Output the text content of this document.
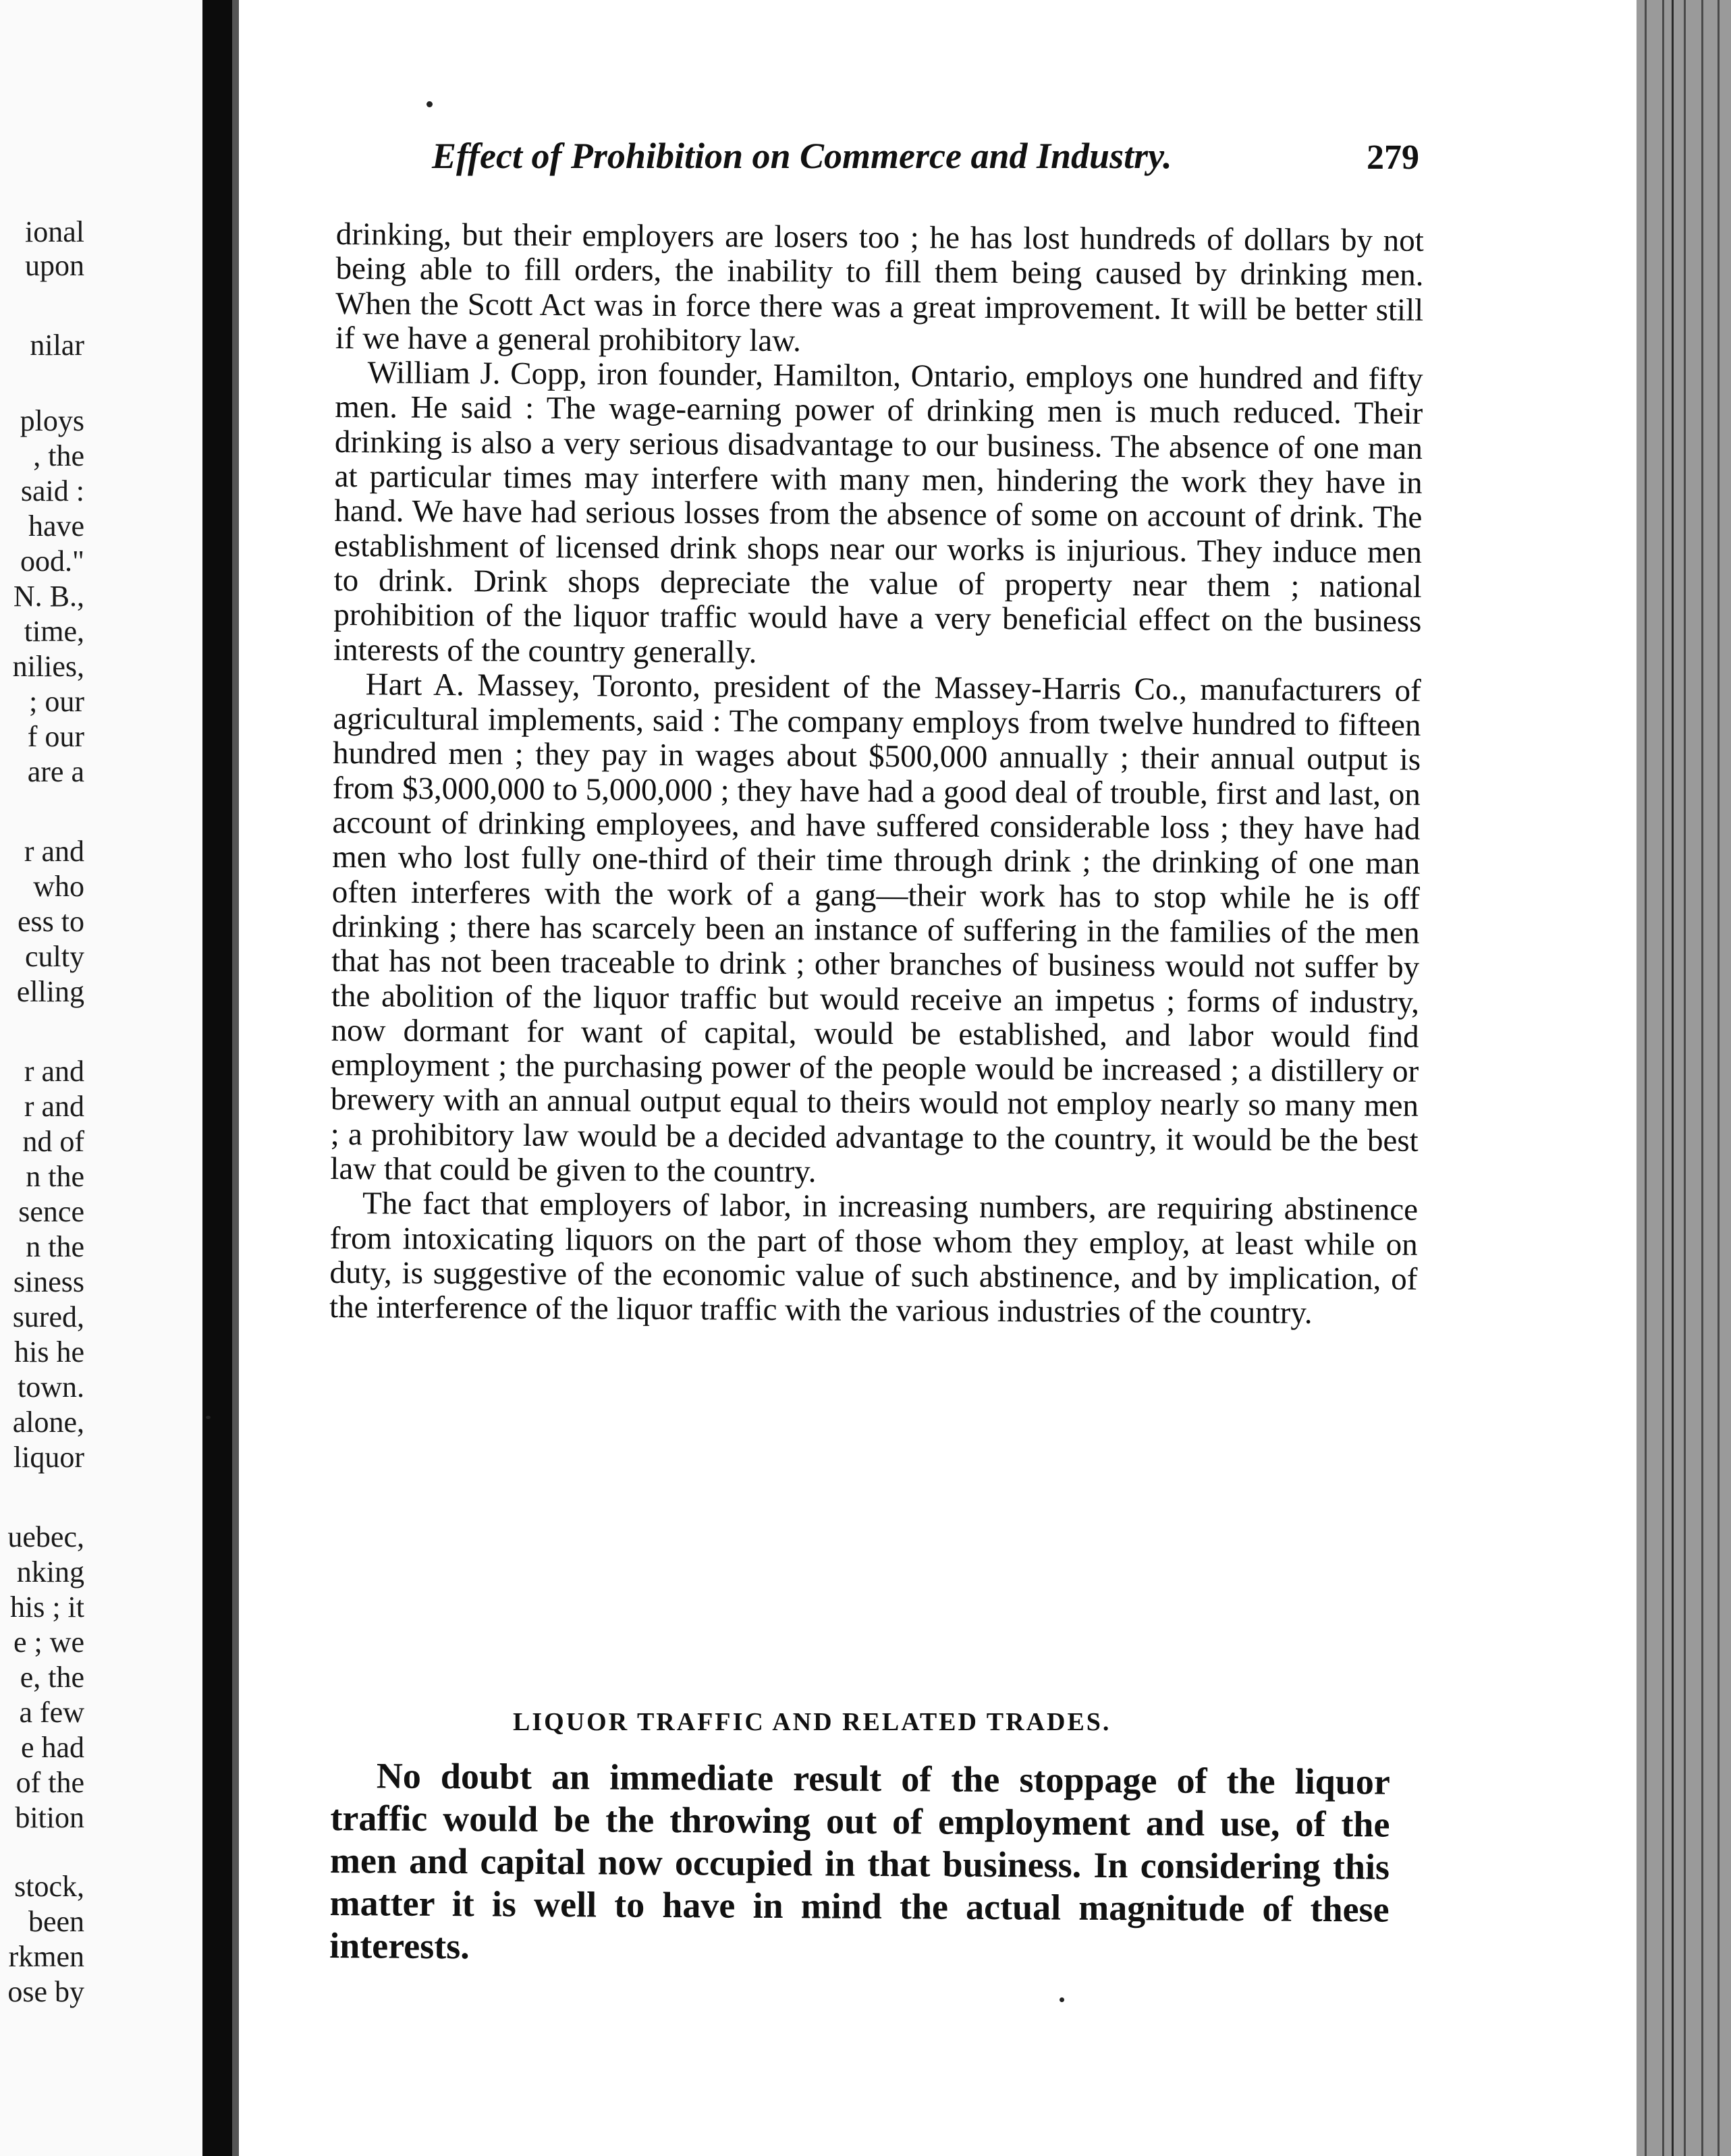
ional

upon

nilar

ploys

, the

said :

have

ood."

N. B.,

time,

nilies,

; our

f our

are a

r and

who

ess to

culty

elling

r and

r and

nd of

n the

sence

n the

siness

sured,

his he

town.

alone,

liquor

uebec,

nking

his ; it

e ; we

e, the

a few

e had

of the

bition

stock,

been

rkmen

ose by

Effect of Prohibition on Commerce and Industry.	279

drinking, but their employers are losers too ; he has lost hundreds of dollars by not being able to fill orders, the inability to fill them being caused by drinking men. When the Scott Act was in force there was a great improvement. It will be better still if we have a general prohibitory law.

William J. Copp, iron founder, Hamilton, Ontario, employs one hundred and fifty men. He said : The wage-earning power of drinking men is much reduced. Their drinking is also a very serious disadvantage to our business. The absence of one man at particular times may interfere with many men, hindering the work they have in hand. We have had serious losses from the absence of some on account of drink. The establishment of licensed drink shops near our works is injurious. They induce men to drink. Drink shops depreciate the value of property near them ; national prohibition of the liquor traffic would have a very beneficial effect on the business interests of the country generally.

Hart A. Massey, Toronto, president of the Massey-Harris Co., manufacturers of agricultural implements, said : The company employs from twelve hundred to fifteen hundred men ; they pay in wages about $500,000 annually ; their annual output is from $3,000,000 to 5,000,000 ; they have had a good deal of trouble, first and last, on account of drinking employees, and have suffered considerable loss ; they have had men who lost fully one-third of their time through drink ; the drinking of one man often interferes with the work of a gang—their work has to stop while he is off drinking ; there has scarcely been an instance of suffering in the families of the men that has not been traceable to drink ; other branches of business would not suffer by the abolition of the liquor traffic but would receive an impetus ; forms of industry, now dormant for want of capital, would be established, and labor would find employment ; the purchasing power of the people would be increased ; a distillery or brewery with an annual output equal to theirs would not employ nearly so many men ; a prohibitory law would be a decided advantage to the country, it would be the best law that could be given to the country.

The fact that employers of labor, in increasing numbers, are requiring abstinence from intoxicating liquors on the part of those whom they employ, at least while on duty, is suggestive of the economic value of such abstinence, and by implication, of the interference of the liquor traffic with the various industries of the country.

LIQUOR TRAFFIC AND RELATED TRADES.

No doubt an immediate result of the stoppage of the liquor traffic would be the throwing out of employment and use, of the men and capital now occupied in that business. In considering this matter it is well to have in mind the actual magnitude of these interests.
